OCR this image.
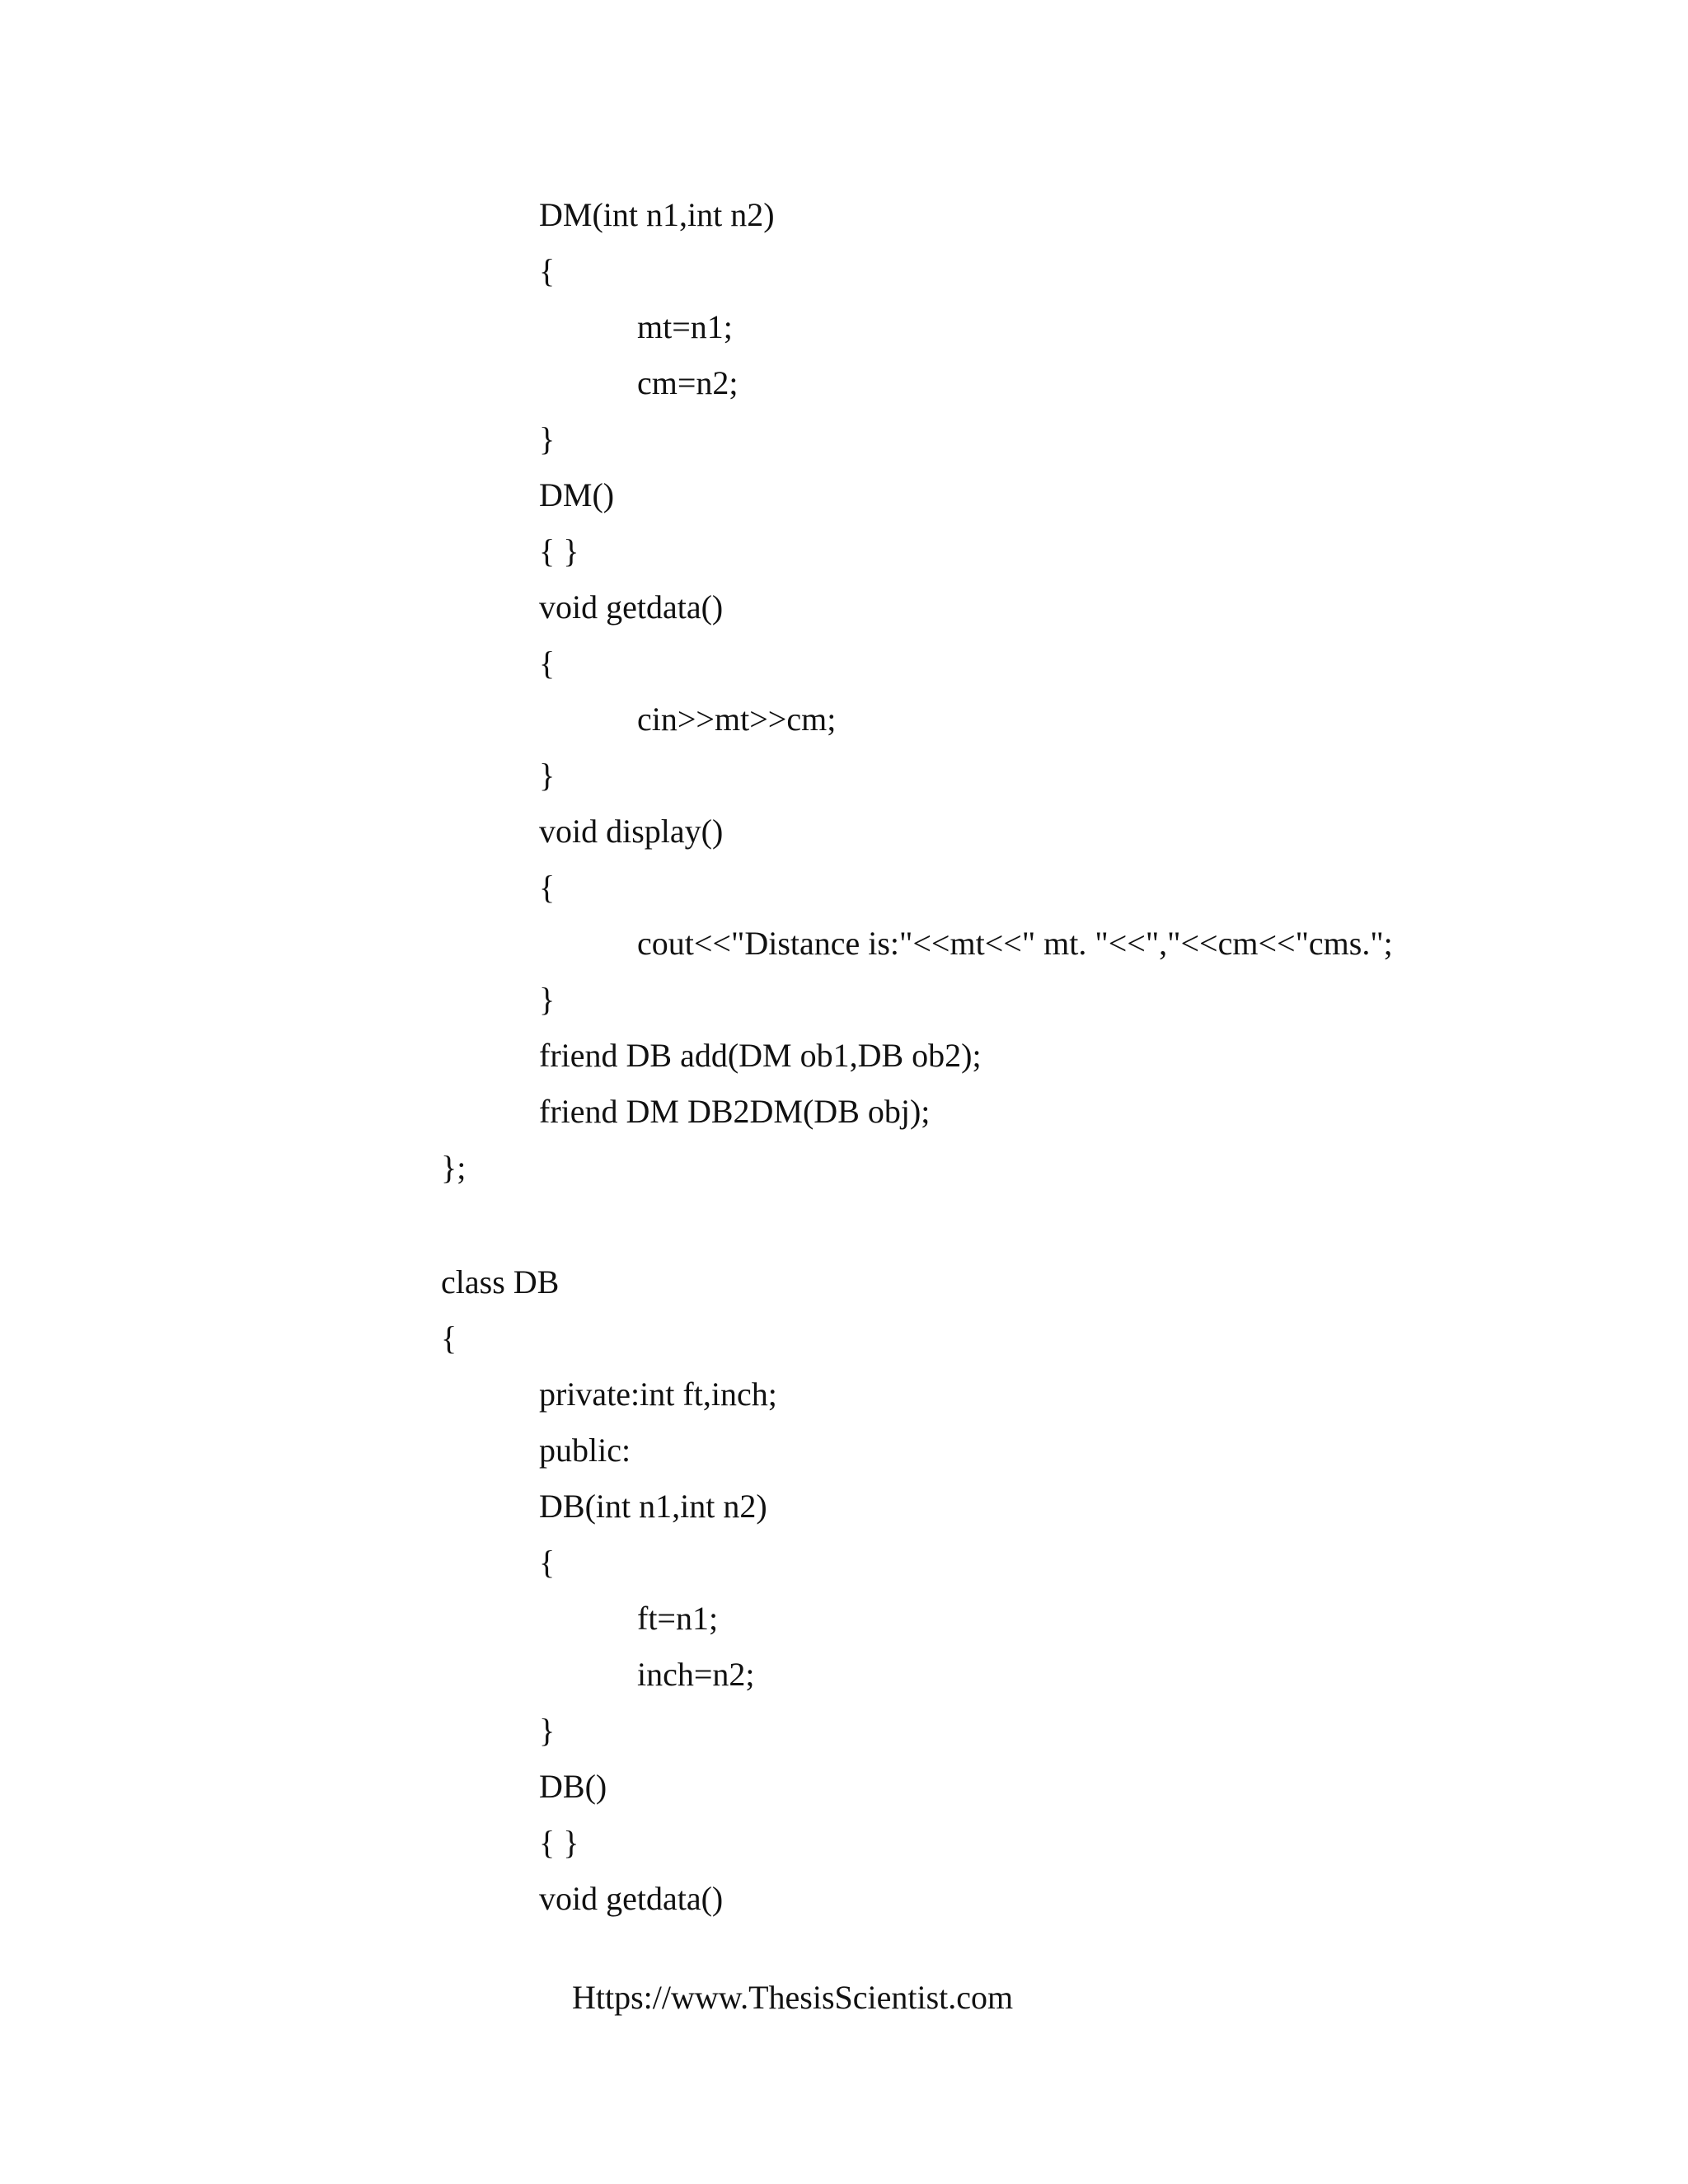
DM(int n1,int n2)
{
mt=n1;
cm=n2;
}
DM()
{ }
void getdata()
{
cin>>mt>>cm;
}
void display()
{
cout<<"Distance is:"<<mt<<" mt. "<<","<<cm<<"cms.";
}
friend DB add(DM ob1,DB ob2);
friend DM DB2DM(DB obj);
};
class DB
{
private:int ft,inch;
public:
DB(int n1,int n2)
{
ft=n1;
inch=n2;
}
DB()
{ }
void getdata()
Https://www.ThesisScientist.com
